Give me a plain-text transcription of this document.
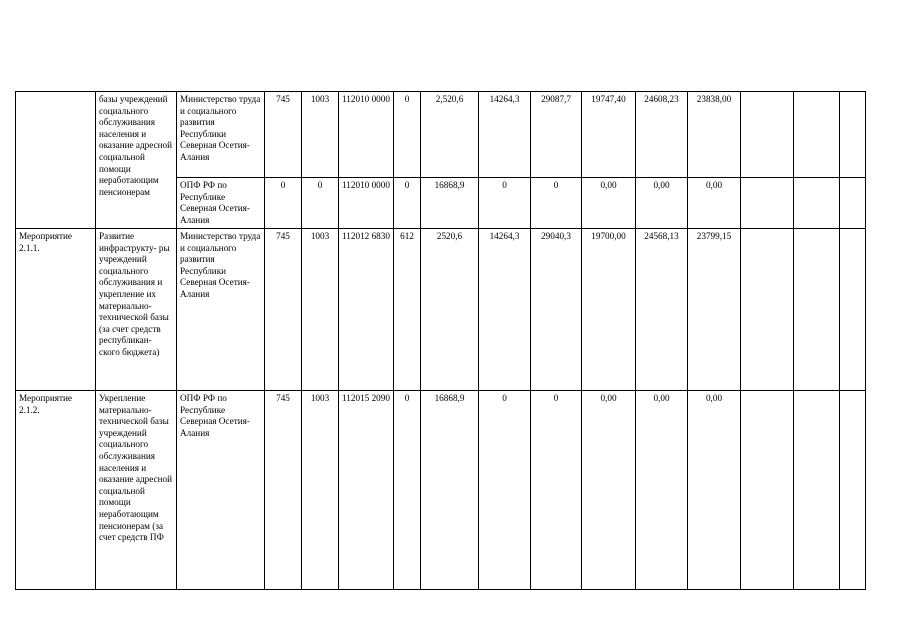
	базы учреждений социального обслуживания населения и оказание адресной социальной помощи неработающим пенсионерам	Министерство труда и социального развития Республики Северная Осетия-Алания	745	1003	112010 0000	0	2,520,6	14264,3	29087,7	19747,40	24608,23	23838,00			
		ОПФ РФ по Республике Северная Осетия-Алания	0	0	112010 0000	0	16868,9	0	0	0,00	0,00	0,00			
Мероприятие 2.1.1.	Развитие инфраструкту- ры учреждений социального обслуживания и укрепление их материально- технической базы (за счет средств республикан- ского бюджета)	Министерство труда и социального развития Республики Северная Осетия-Алания	745	1003	112012 6830	612	2520,6	14264,3	29040,3	19700,00	24568,13	23799,15			
Мероприятие 2.1.2.	Укрепление материально- технической базы учреждений социального обслуживания населения и оказание адресной социальной помощи неработающим пенсионерам (за счет средств ПФ	ОПФ РФ по Республике Северная Осетия-Алания	745	1003	112015 2090	0	16868,9	0	0	0,00	0,00	0,00			
